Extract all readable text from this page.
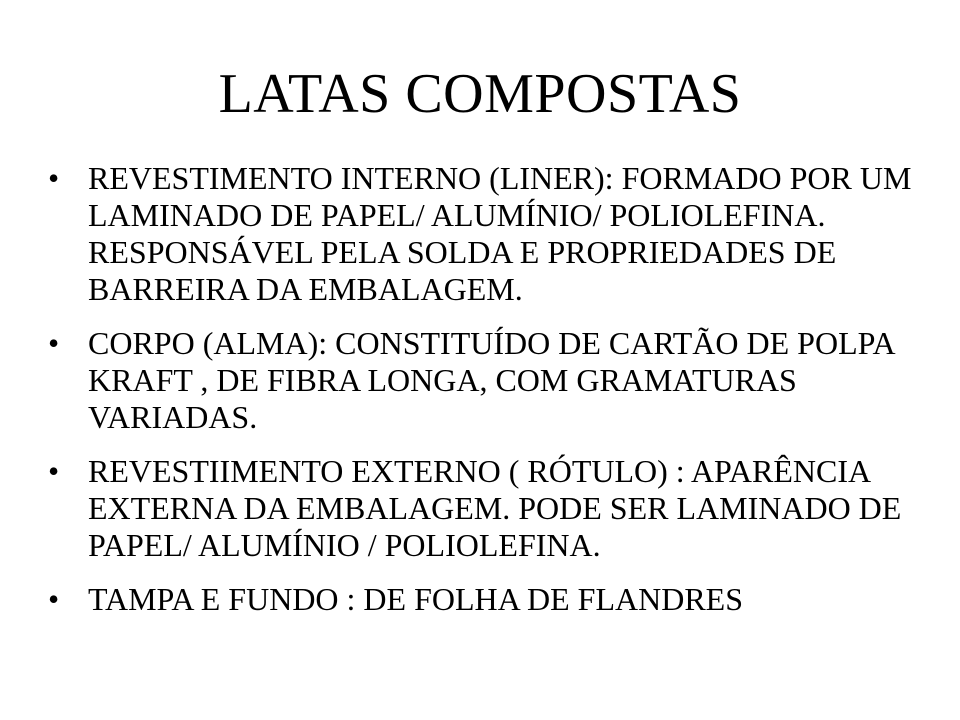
LATAS COMPOSTAS
• REVESTIMENTO INTERNO (LINER): FORMADO POR UM LAMINADO DE PAPEL/ ALUMÍNIO/ POLIOLEFINA. RESPONSÁVEL PELA SOLDA E PROPRIEDADES DE BARREIRA DA EMBALAGEM.
• CORPO (ALMA): CONSTITUÍDO DE CARTÃO DE POLPA KRAFT , DE FIBRA LONGA, COM GRAMATURAS VARIADAS.
• REVESTIIMENTO EXTERNO ( RÓTULO) : APARÊNCIA EXTERNA DA EMBALAGEM. PODE SER LAMINADO DE PAPEL/ ALUMÍNIO / POLIOLEFINA.
• TAMPA E FUNDO : DE FOLHA DE FLANDRES
